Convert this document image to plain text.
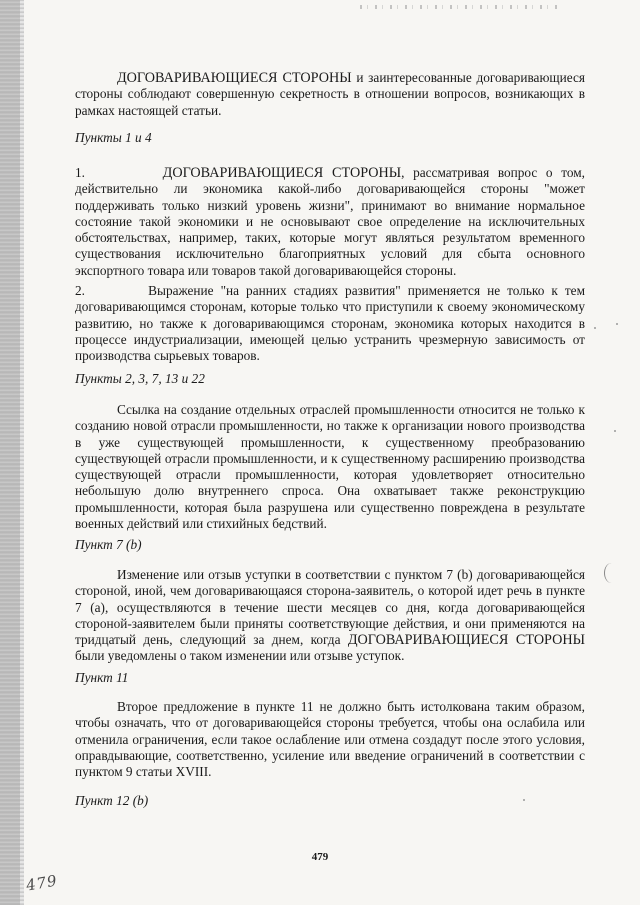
ДОГОВАРИВАЮЩИЕСЯ СТОРОНЫ и заинтересованные договаривающиеся стороны соблюдают совершенную секретность в отношении вопросов, возникающих в рамках настоящей статьи.

Пункты 1 и 4

1.         ДОГОВАРИВАЮЩИЕСЯ СТОРОНЫ, рассматривая вопрос о том, действительно ли экономика какой-либо договаривающейся стороны "может поддерживать только низкий уровень жизни", принимают во внимание нормальное состояние такой экономики и не основывают свое определение на исключительных обстоятельствах, например, таких, которые могут являться результатом временного существования исключительно благоприятных условий для сбыта основного экспортного товара или товаров такой договаривающейся стороны.

2.         Выражение "на ранних стадиях развития" применяется не только к тем договаривающимся сторонам, которые только что приступили к своему экономическому развитию, но также к договаривающимся сторонам, экономика которых находится в процессе индустриализации, имеющей целью устранить чрезмерную зависимость от производства сырьевых товаров.

Пункты 2, 3, 7, 13 и 22

Ссылка на создание отдельных отраслей промышленности относится не только к созданию новой отрасли промышленности, но также к организации нового производства в уже существующей промышленности, к существенному преобразованию существующей отрасли промышленности, и к существенному расширению производства существующей отрасли промышленности, которая удовлетворяет относительно небольшую долю внутреннего спроса. Она охватывает также реконструкцию промышленности, которая была разрушена или существенно повреждена в результате военных действий или стихийных бедствий.

Пункт 7 (b)

Изменение или отзыв уступки в соответствии с пунктом 7 (b) договаривающейся стороной, иной, чем договаривающаяся сторона-заявитель, о которой идет речь в пункте 7 (а), осуществляются в течение шести месяцев со дня, когда договаривающейся стороной-заявителем были приняты соответствующие действия, и они применяются на тридцатый день, следующий за днем, когда ДОГОВАРИВАЮЩИЕСЯ СТОРОНЫ были уведомлены о таком изменении или отзыве уступок.

Пункт 11

Второе предложение в пункте 11 не должно быть истолкована таким образом, чтобы означать, что от договаривающейся стороны требуется, чтобы она ослабила или отменила ограничения, если такое ослабление или отмена создадут после этого условия, оправдывающие, соответственно, усиление или введение ограничений в соответствии с пунктом 9 статьи XVIII.

Пункт 12 (b)

479
479
